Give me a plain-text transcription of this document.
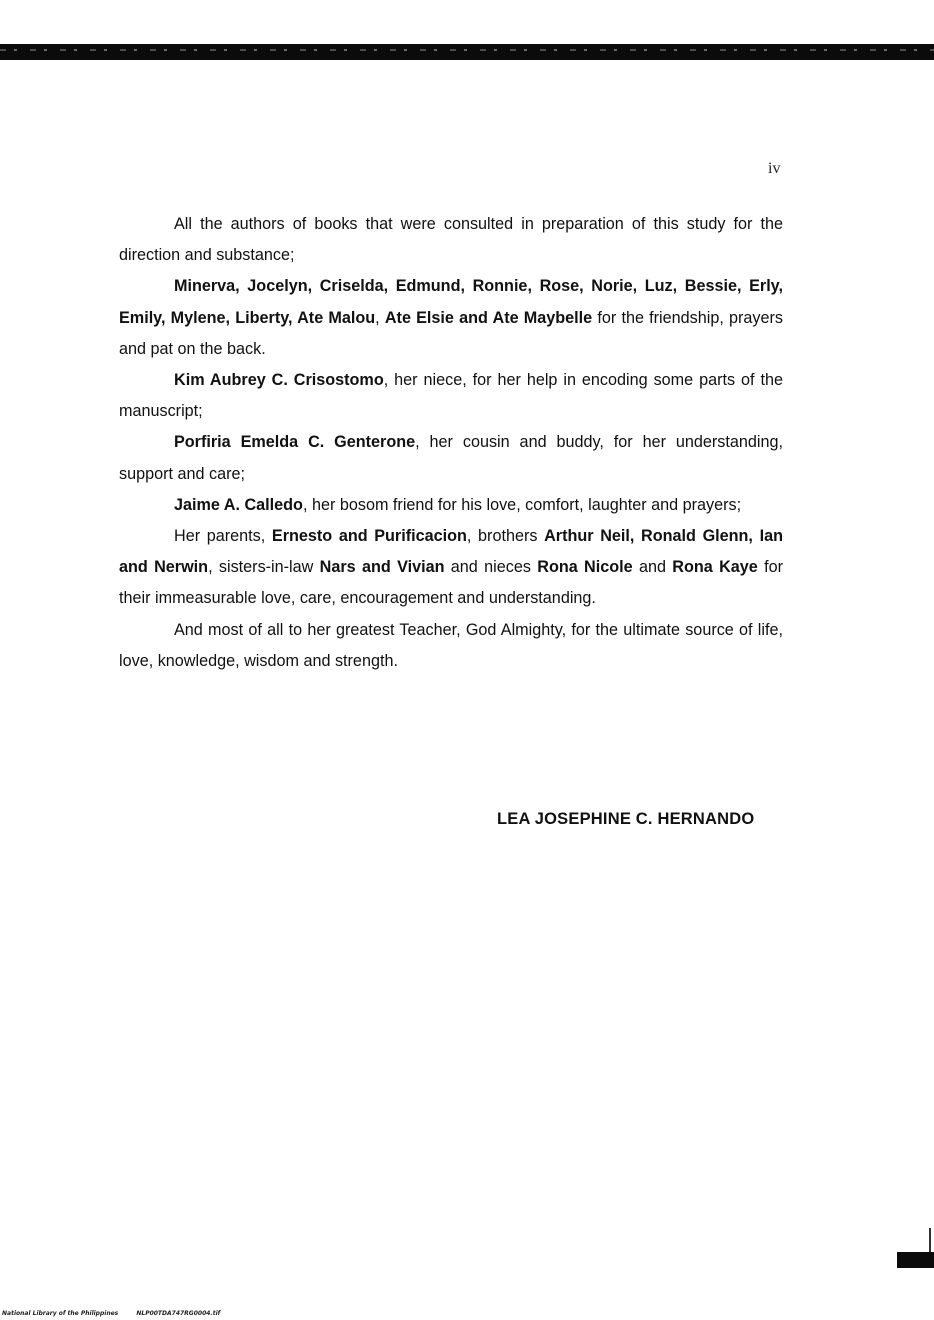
iv

All the authors of books that were consulted in preparation of this study for the direction and substance;

Minerva, Jocelyn, Criselda, Edmund, Ronnie, Rose, Norie, Luz, Bessie, Erly, Emily, Mylene, Liberty, Ate Malou, Ate Elsie and Ate Maybelle for the friendship, prayers and pat on the back.

Kim Aubrey C. Crisostomo, her niece, for her help in encoding some parts of the manuscript;

Porfiria Emelda C. Genterone, her cousin and buddy, for her understanding, support and care;

Jaime A. Calledo, her bosom friend for his love, comfort, laughter and prayers;

Her parents, Ernesto and Purificacion, brothers Arthur Neil, Ronald Glenn, Ian and Nerwin, sisters-in-law Nars and Vivian and nieces Rona Nicole and Rona Kaye for their immeasurable love, care, encouragement and understanding.

And most of all to her greatest Teacher, God Almighty, for the ultimate source of life, love, knowledge, wisdom and strength.

LEA JOSEPHINE C. HERNANDO
National Library of the Philippines	NLP00TDA747RG0004.tif
